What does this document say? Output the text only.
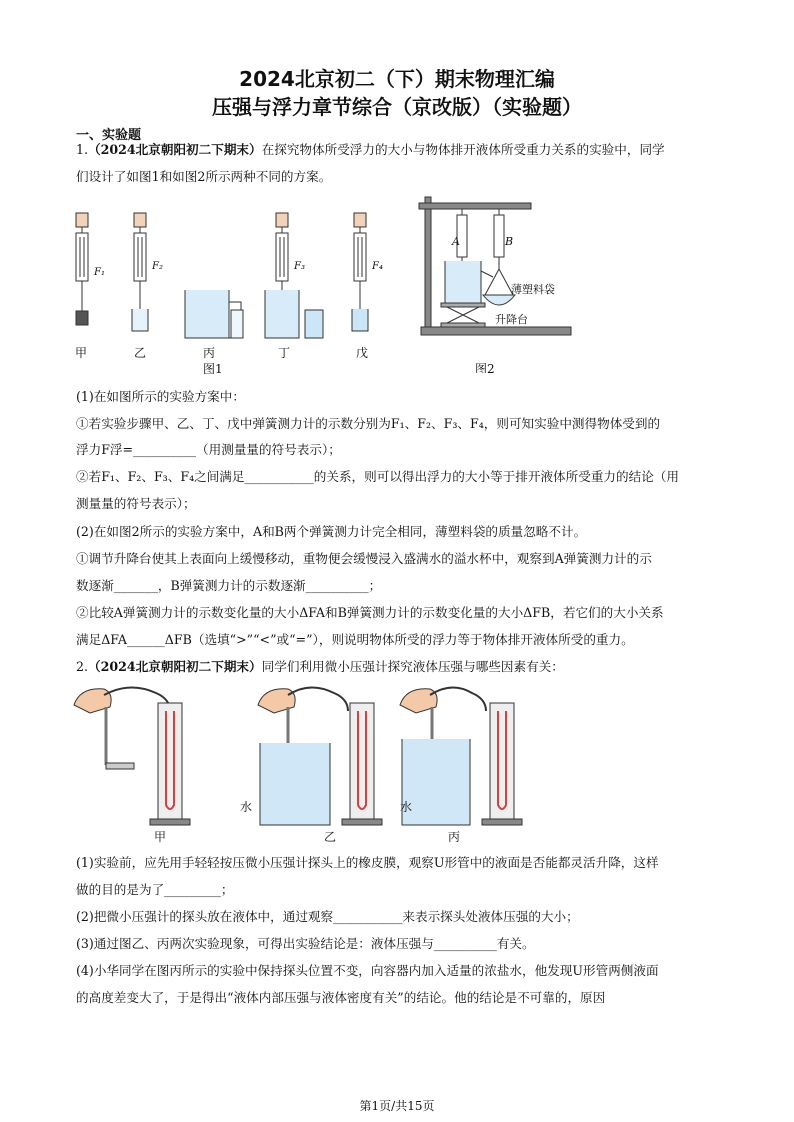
2024北京初二（下）期末物理汇编
压强与浮力章节综合（京改版）（实验题）
一、实验题
1.（2024北京朝阳初二下期末）在探究物体所受浮力的大小与物体排开液体所受重力关系的实验中，同学
们设计了如图1和如图2所示两种不同的方案。
F₁
F₂	F₃	F₄
甲	乙	丙	丁	戊
图1
A	B
薄塑料袋
升降台
图2
(1)在如图所示的实验方案中：
①若实验步骤甲、乙、丁、戊中弹簧测力计的示数分别为F₁、F₂、F₃、F₄，则可知实验中测得物体受到的
浮力F浮=__________（用测量量的符号表示）；
②若F₁、F₂、F₃、F₄之间满足___________的关系，则可以得出浮力的大小等于排开液体所受重力的结论（用
测量量的符号表示）；
(2)在如图2所示的实验方案中，A和B两个弹簧测力计完全相同，薄塑料袋的质量忽略不计。
①调节升降台使其上表面向上缓慢移动，重物便会缓慢浸入盛满水的溢水杯中，观察到A弹簧测力计的示
数逐渐_______，B弹簧测力计的示数逐渐__________；
②比较A弹簧测力计的示数变化量的大小ΔFA和B弹簧测力计的示数变化量的大小ΔFB，若它们的大小关系
满足ΔFA______ΔFB（选填“>”“<”或“=”），则说明物体所受的浮力等于物体排开液体所受的重力。
2.（2024北京朝阳初二下期末）同学们利用微小压强计探究液体压强与哪些因素有关：
水	水
甲	乙	丙
(1)实验前，应先用手轻轻按压微小压强计探头上的橡皮膜，观察U形管中的液面是否能都灵活升降，这样
做的目的是为了_________；
(2)把微小压强计的探头放在液体中，通过观察___________来表示探头处液体压强的大小；
(3)通过图乙、丙两次实验现象，可得出实验结论是：液体压强与__________有关。
(4)小华同学在图丙所示的实验中保持探头位置不变，向容器内加入适量的浓盐水，他发现U形管两侧液面
的高度差变大了，于是得出“液体内部压强与液体密度有关”的结论。他的结论是不可靠的，原因
第1页/共15页
